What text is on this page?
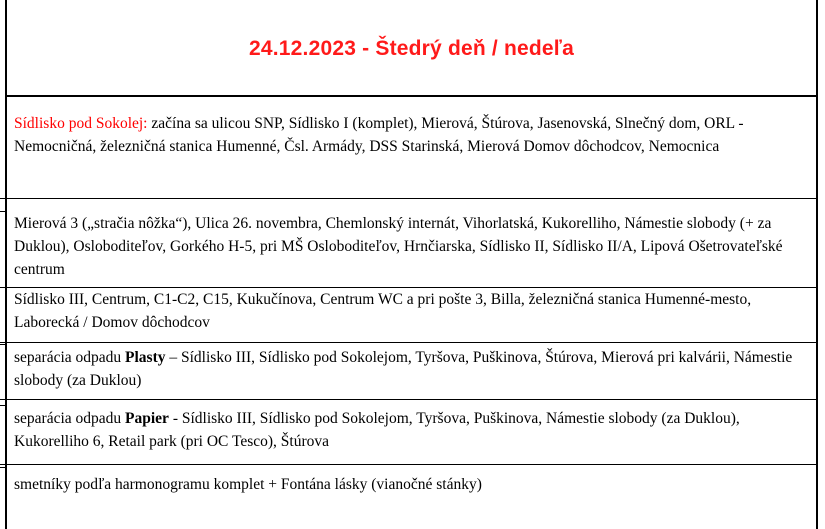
24.12.2023 - Štedrý deň / nedeľa
Sídlisko pod Sokolej: začína sa ulicou SNP, Sídlisko I (komplet), Mierová, Štúrova, Jasenovská, Slnečný dom, ORL - Nemocničná, železničná stanica Humenné, Čsl. Armády, DSS Starinská, Mierová Domov dôchodcov, Nemocnica
Mierová 3 („stračia nôžka“), Ulica 26. novembra, Chemlonský internát, Vihorlatská, Kukorelliho, Námestie slobody (+ za Duklou), Osloboditeľov, Gorkého H-5, pri MŠ Osloboditeľov, Hrnčiarska, Sídlisko II, Sídlisko II/A, Lipová Ošetrovateľské centrum
Sídlisko III, Centrum, C1-C2, C15, Kukučínova, Centrum WC a pri pošte 3, Billa, železničná stanica Humenné-mesto, Laborecká / Domov dôchodcov
separácia odpadu Plasty – Sídlisko III, Sídlisko pod Sokolejom, Tyršova, Puškinova, Štúrova, Mierová pri kalvárii, Námestie slobody (za Duklou)
separácia odpadu Papier - Sídlisko III, Sídlisko pod Sokolejom, Tyršova, Puškinova, Námestie slobody (za Duklou), Kukorelliho 6, Retail park (pri OC Tesco), Štúrova
smetníky podľa harmonogramu komplet + Fontána lásky (vianočné stánky)
